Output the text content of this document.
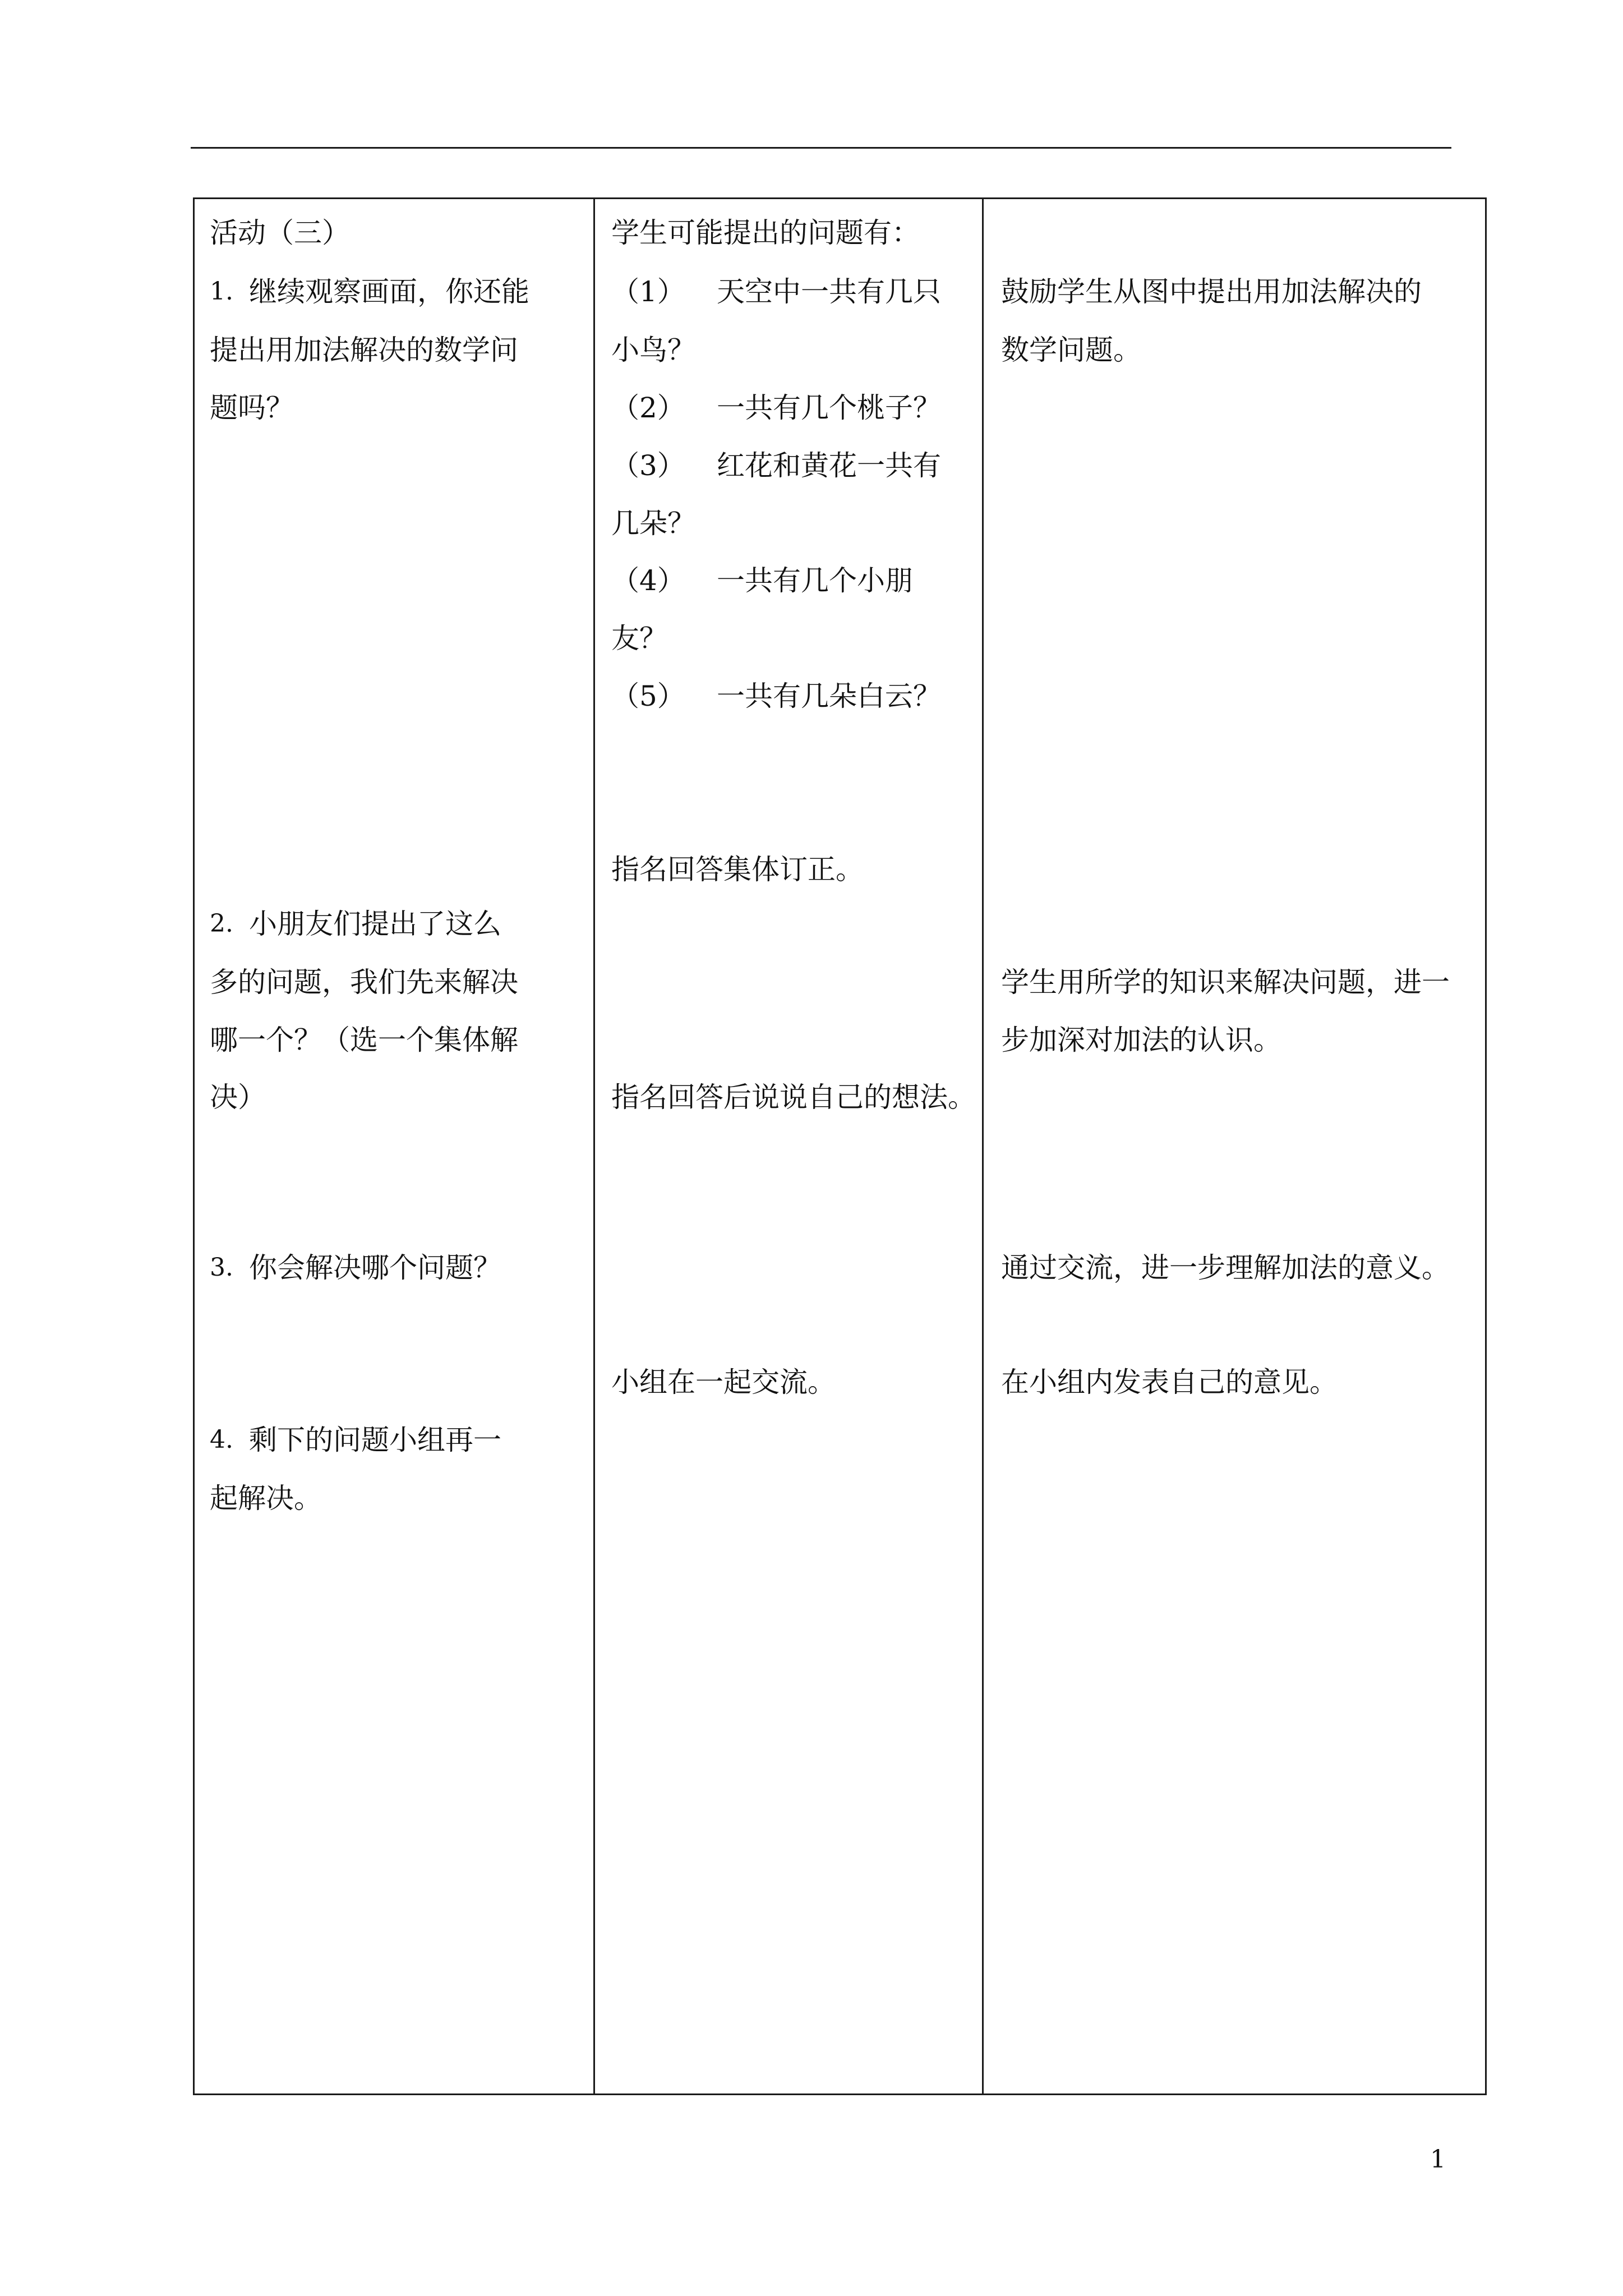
活动（三）
1. 继续观察画面，你还能
提出用加法解决的数学问
题吗？
2. 小朋友们提出了这么
多的问题，我们先来解决
哪一个？（选一个集体解
决）
3. 你会解决哪个问题？
4. 剩下的问题小组再一
起解决。
学生可能提出的问题有：
（1） 天空中一共有几只
小鸟？
（2） 一共有几个桃子？
（3） 红花和黄花一共有
几朵？
（4） 一共有几个小朋
友？
（5） 一共有几朵白云？
指名回答集体订正。
指名回答后说说自己的想法。
小组在一起交流。
鼓励学生从图中提出用加法解决的
数学问题。
学生用所学的知识来解决问题，进一
步加深对加法的认识。
通过交流，进一步理解加法的意义。
在小组内发表自己的意见。
1
